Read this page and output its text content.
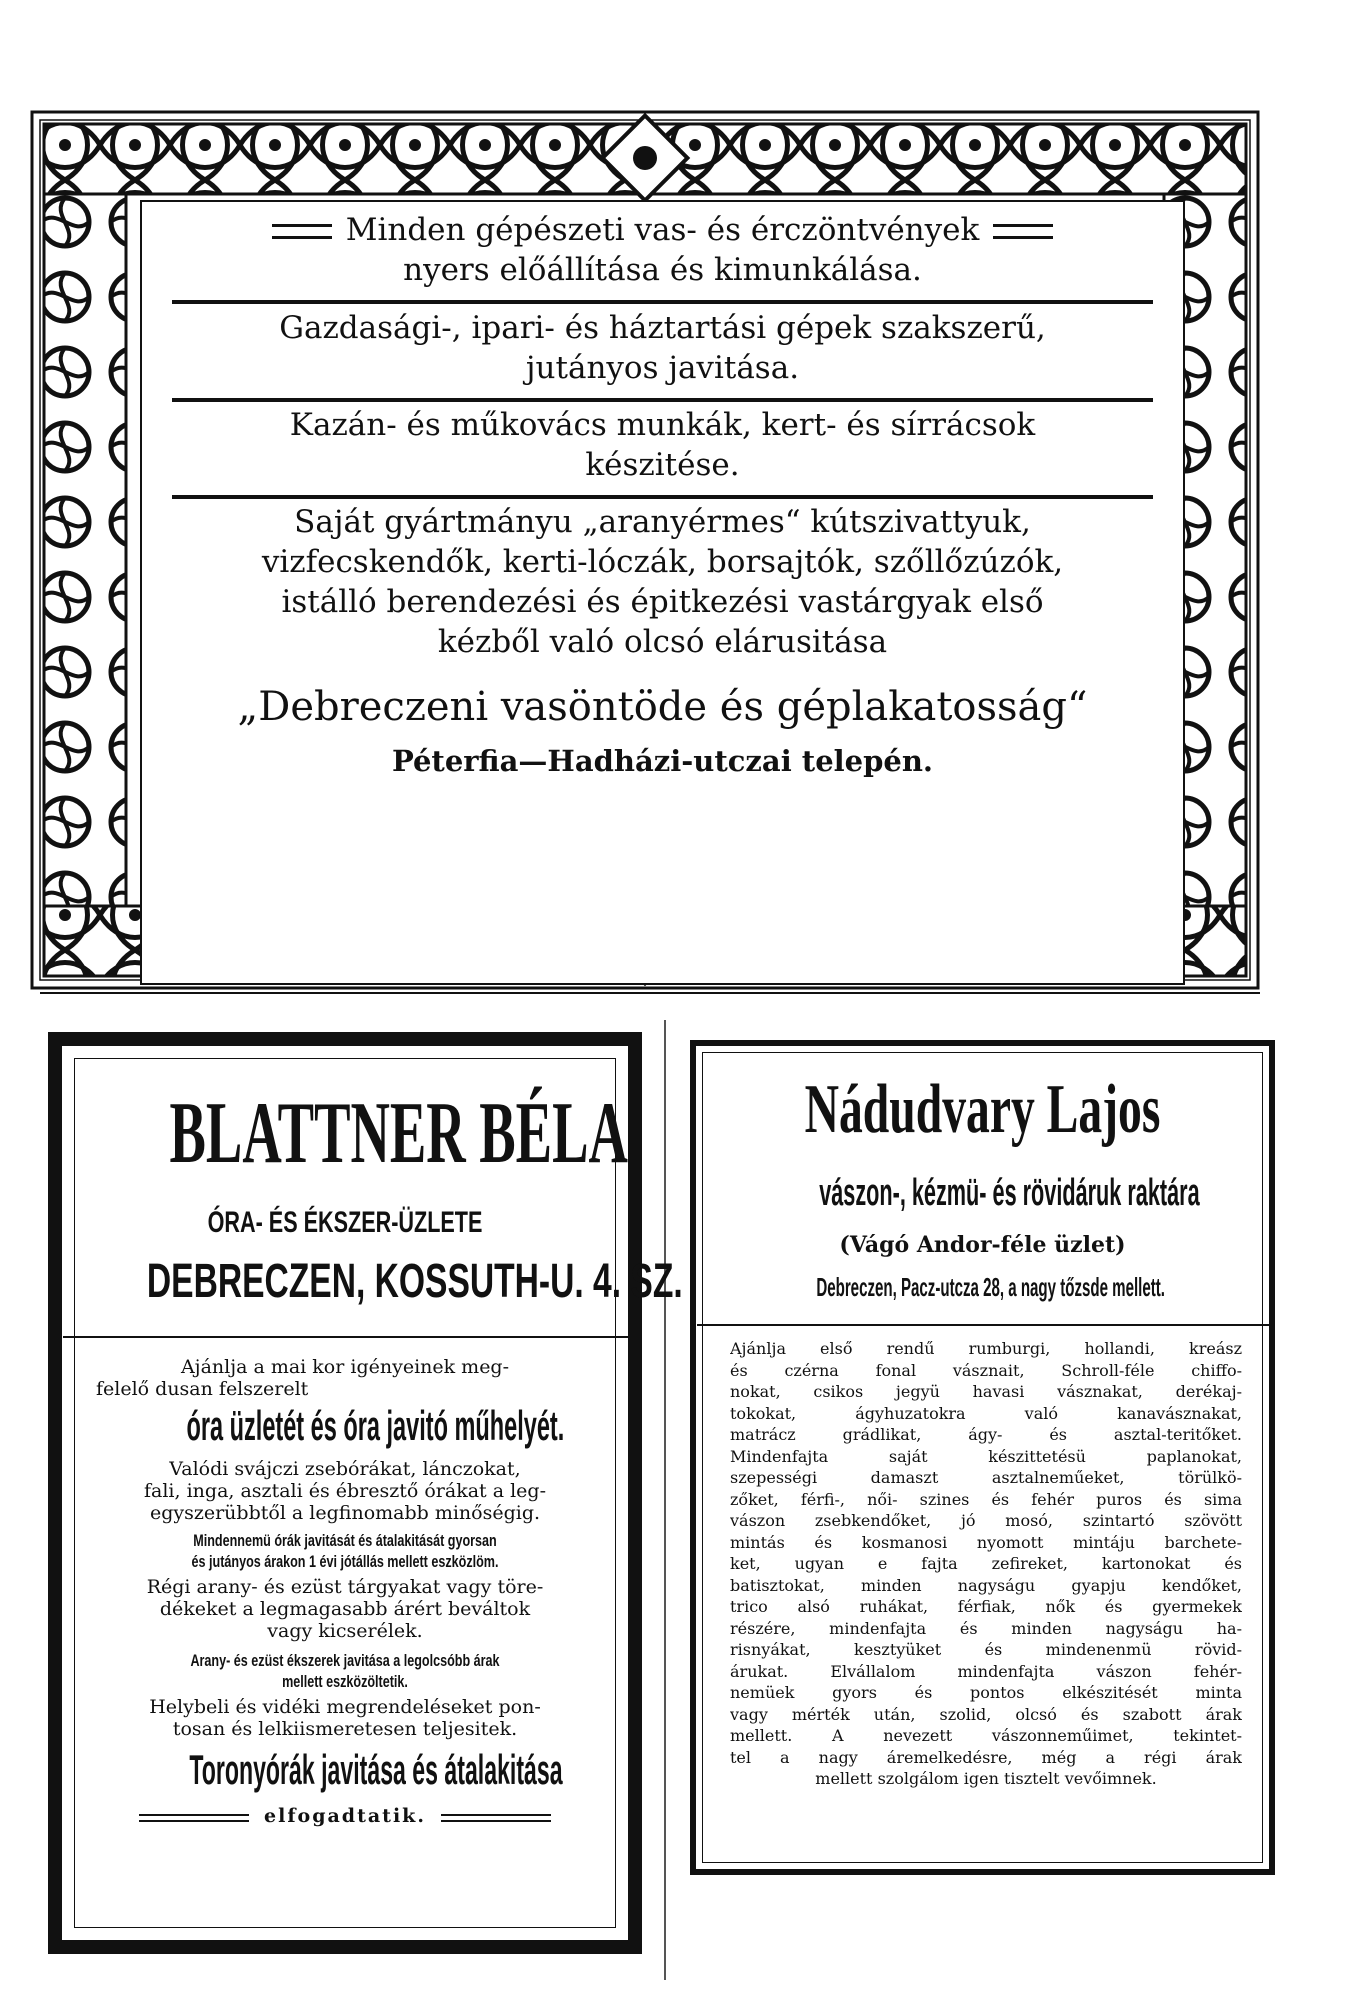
Minden gépészeti vas- és érczöntvények
nyers előállítása és kimunkálása.
Gazdasági-, ipari- és háztartási gépek szakszerű,
jutányos javitása.
Kazán- és műkovács munkák, kert- és sírrácsok
készitése.
Saját gyártmányu „aranyérmes“ kútszivattyuk,
vizfecskendők, kerti-lóczák, borsajtók, szőllőzúzók,
istálló berendezési és épitkezési vastárgyak első
kézből való olcsó elárusitása
„Debreczeni vasöntöde és géplakatosság“
Péterfia—Hadházi-utczai telepén.
BLATTNER BÉLA
ÓRA- ÉS ÉKSZER-ÜZLETE
DEBRECZEN, KOSSUTH-U. 4. SZ.
Ajánlja a mai kor igényeinek meg-
felelő dusan felszerelt
óra üzletét és óra javitó műhelyét.
Valódi svájczi zsebórákat, lánczokat,
fali, inga, asztali és ébresztő órákat a leg-
egyszerübbtől a legfinomabb minőségig.
Mindennemü órák javitását és átalakitását gyorsan
és jutányos árakon 1 évi jótállás mellett eszközlöm.
Régi arany- és ezüst tárgyakat vagy töre-
dékeket a legmagasabb árért beváltok
vagy kicserélek.
Arany- és ezüst ékszerek javitása a legolcsóbb árak
mellett eszközöltetik.
Helybeli és vidéki megrendeléseket pon-
tosan és lelkiismeretesen teljesitek.
Toronyórák javitása és átalakitása
elfogadtatik.
Nádudvary Lajos
vászon-, kézmü- és rövidáruk raktára
(Vágó Andor-féle üzlet)
Debreczen, Pacz-utcza 28, a nagy tőzsde mellett.
Ajánlja első rendű rumburgi, hollandi, kreász
és czérna fonal vásznait, Schroll-féle chiffo-
nokat, csikos jegyü havasi vásznakat, derékaj-
tokokat, ágyhuzatokra való kanavásznakat,
matrácz grádlikat, ágy- és asztal-teritőket.
Mindenfajta saját készittetésü paplanokat,
szepességi damaszt asztalneműeket, törülkö-
zőket, férfi-, női- szines és fehér puros és sima
vászon zsebkendőket, jó mosó, szintartó szövött
mintás és kosmanosi nyomott mintáju barchete-
ket, ugyan e fajta zefireket, kartonokat és
batisztokat, minden nagyságu gyapju kendőket,
trico alsó ruhákat, férfiak, nők és gyermekek
részére, mindenfajta és minden nagyságu ha-
risnyákat, kesztyüket és mindenenmü rövid-
árukat. Elvállalom mindenfajta vászon fehér-
nemüek gyors és pontos elkészitését minta
vagy mérték után, szolid, olcsó és szabott árak
mellett. A nevezett vászonneműimet, tekintet-
tel a nagy áremelkedésre, még a régi árak
mellett szolgálom igen tisztelt vevőimnek.
